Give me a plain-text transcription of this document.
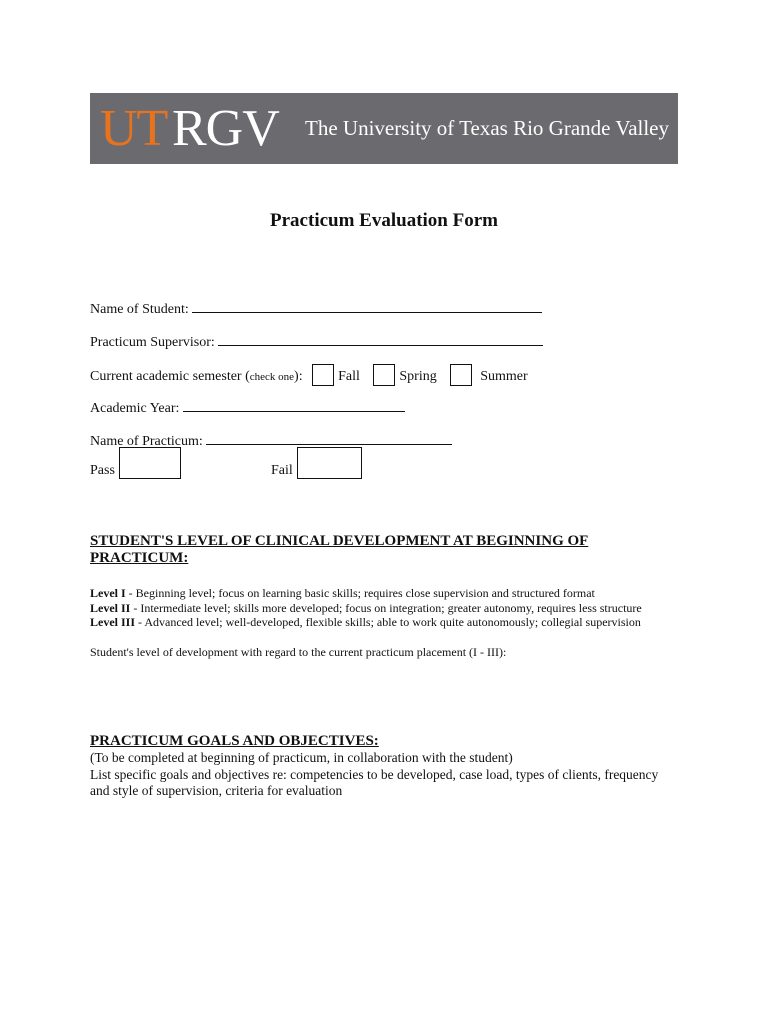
UT RGV The University of Texas Rio Grande Valley
Practicum Evaluation Form
Name of Student:
Practicum Supervisor:
Current academic semester (check one):	Fall	Spring	Summer
Academic Year:
Name of Practicum:
Pass	Fail
STUDENT'S LEVEL OF CLINICAL DEVELOPMENT AT BEGINNING OF PRACTICUM:
Level I - Beginning level; focus on learning basic skills; requires close supervision and structured format
Level II - Intermediate level; skills more developed; focus on integration; greater autonomy, requires less structure
Level III - Advanced level; well-developed, flexible skills; able to work quite autonomously; collegial supervision
Student's level of development with regard to the current practicum placement (I - III):
PRACTICUM GOALS AND OBJECTIVES:
(To be completed at beginning of practicum, in collaboration with the student)
List specific goals and objectives re: competencies to be developed, case load, types of clients, frequency and style of supervision, criteria for evaluation
